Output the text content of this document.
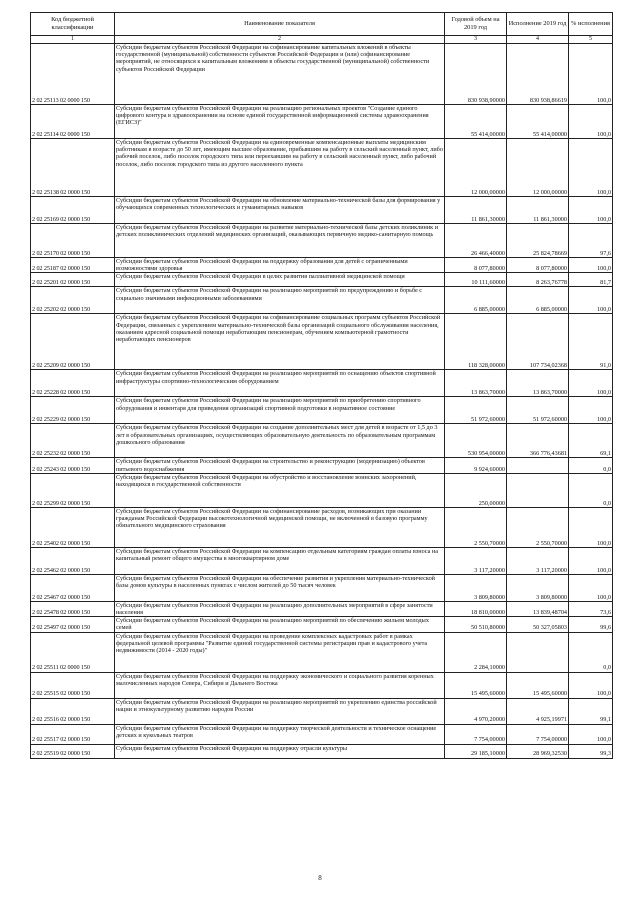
Код бюджетной классификации	Наименование показателя	Годовой объем на 2019 год	Исполнение 2019 год	% исполнения
1	2	3	4	5
2 02 25113 02 0000 150	Субсидии бюджетам субъектов Российской Федерации на софинансирование капитальных вложений в объекты государственной (муниципальной) собственности субъектов Российской Федерации и (или) софинансирование мероприятий, не относящихся к капитальным вложениям в объекты государственной (муниципальной) собственности субъектов Российской Федерации	830 938,90000	830 938,86619	100,0
2 02 25114 02 0000 150	Субсидии бюджетам субъектов Российской Федерации на реализацию региональных проектов "Создание единого цифрового контура в здравоохранении на основе единой государственной информационной системы здравоохранения (ЕГИСЗ)"	55 414,00000	55 414,00000	100,0
2 02 25138 02 0000 150	Субсидии бюджетам субъектов Российской Федерации на единовременные компенсационные выплаты медицинским работникам в возрасте до 50 лет, имеющим высшее образование, прибывшим на работу в сельский населенный пункт, либо рабочий поселок, либо поселок городского типа или переехавшим на работу в сельский населенный пункт, либо рабочий поселок, либо поселок городского типа из другого населенного пункта	12 000,00000	12 000,00000	100,0
2 02 25169 02 0000 150	Субсидии бюджетам субъектов Российской Федерации на обновление материально-технической базы для формирования у обучающихся современных технологических и гуманитарных навыков	11 861,30000	11 861,30000	100,0
2 02 25170 02 0000 150	Субсидии бюджетам субъектов Российской Федерации на развитие материально-технической базы детских поликлиник и детских поликлинических отделений медицинских организаций, оказывающих первичную медико-санитарную помощь	26 466,40000	25 824,78669	97,6
2 02 25187 02 0000 150	Субсидии бюджетам субъектов Российской Федерации на поддержку образования для детей с ограниченными возможностями здоровья	8 077,80000	8 077,80000	100,0
2 02 25201 02 0000 150	Субсидии бюджетам субъектов Российской Федерации в целях развития паллиативной медицинской помощи	10 111,60000	8 263,76778	81,7
2 02 25202 02 0000 150	Субсидии бюджетам субъектов Российской Федерации на реализацию мероприятий по предупреждению и борьбе с социально значимыми инфекционными заболеваниями	6 885,00000	6 885,00000	100,0
2 02 25209 02 0000 150	Субсидии бюджетам субъектов Российской Федерации на софинансирование социальных программ субъектов Российской Федерации, связанных с укреплением материально-технической базы организаций социального обслуживания населения, оказанием адресной социальной помощи неработающим пенсионерам, обучением компьютерной грамотности неработающих пенсионеров	118 328,00000	107 734,02368	91,0
2 02 25228 02 0000 150	Субсидии бюджетам субъектов Российской Федерации на реализацию мероприятий по оснащению объектов спортивной инфраструктуры спортивно-технологическим оборудованием	13 863,70000	13 863,70000	100,0
2 02 25229 02 0000 150	Субсидии бюджетам субъектов Российской Федерации на реализацию мероприятий по приобретению спортивного оборудования и инвентаря для приведения организаций спортивной подготовки в нормативное состояние	51 972,60000	51 972,60000	100,0
2 02 25232 02 0000 150	Субсидии бюджетам субъектов Российской Федерации на создание дополнительных мест для детей в возрасте от 1,5 до 3 лет в образовательных организациях, осуществляющих образовательную деятельность по образовательным программам дошкольного образования	530 954,00000	366 776,43681	69,1
2 02 25243 02 0000 150	Субсидии бюджетам субъектов Российской Федерации на строительство и реконструкцию (модернизацию) объектов питьевого водоснабжения	9 924,60000		0,0
2 02 25299 02 0000 150	Субсидии бюджетам субъектов Российской Федерации на обустройство и восстановление воинских захоронений, находящихся в государственной собственности	250,00000		0,0
2 02 25402 02 0000 150	Субсидии бюджетам субъектов Российской Федерации на софинансирование расходов, возникающих при оказании гражданам Российской Федерации высокотехнологичной медицинской помощи, не включенной в базовую программу обязательного медицинского страхования	2 550,70000	2 550,70000	100,0
2 02 25462 02 0000 150	Субсидии бюджетам субъектов Российской Федерации на компенсацию отдельным категориям граждан оплаты взноса на капитальный ремонт общего имущества в многоквартирном доме	3 117,20000	3 117,20000	100,0
2 02 25467 02 0000 150	Субсидии бюджетам субъектов Российской Федерации на обеспечение развития и укрепления материально-технической базы домов культуры в населенных пунктах с числом жителей до 50 тысяч человек	3 809,80000	3 809,80000	100,0
2 02 25478 02 0000 150	Субсидии бюджетам субъектов Российской Федерации на реализацию дополнительных мероприятий в сфере занятости населения	18 810,00000	13 839,48704	73,6
2 02 25497 02 0000 150	Субсидии бюджетам субъектов Российской Федерации на реализацию мероприятий по обеспечению жильем молодых семей	50 510,80000	50 327,05803	99,6
2 02 25511 02 0000 150	Субсидии бюджетам субъектов Российской Федерации на проведение комплексных кадастровых работ в рамках федеральной целевой программы "Развитие единой государственной системы регистрации прав и кадастрового учета недвижимости (2014 - 2020 годы)"	2 284,10000		0,0
2 02 25515 02 0000 150	Субсидии бюджетам субъектов Российской Федерации на поддержку экономического и социального развития коренных малочисленных народов Севера, Сибири и Дальнего Востока	15 495,60000	15 495,60000	100,0
2 02 25516 02 0000 150	Субсидии бюджетам субъектов Российской Федерации на реализацию мероприятий по укреплению единства российской нации и этнокультурному развитию народов России	4 970,20000	4 925,19971	99,1
2 02 25517 02 0000 150	Субсидии бюджетам субъектов Российской Федерации на поддержку творческой деятельности и техническое оснащение детских и кукольных театров	7 754,00000	7 754,00000	100,0
2 02 25519 02 0000 150	Субсидии бюджетам субъектов Российской Федерации на поддержку отрасли культуры	29 185,10000	28 969,32530	99,3
8
